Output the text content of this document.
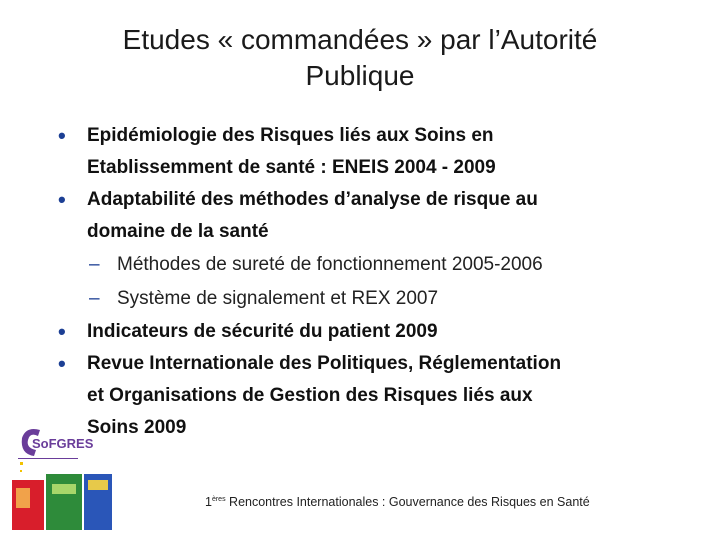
Etudes « commandées » par l’Autorité
Publique
• Epidémiologie des Risques liés aux Soins en
Etablissemment de santé : ENEIS 2004 - 2009
• Adaptabilité des méthodes d’analyse de risque au
domaine de la santé
– Méthodes de sureté de fonctionnement 2005-2006
– Système de signalement et REX 2007
• Indicateurs de sécurité du patient 2009
• Revue Internationale des Politiques, Réglementation
et Organisations de Gestion des Risques liés aux
Soins 2009
SoFGRES
1ères Rencontres Internationales : Gouvernance des Risques en Santé
